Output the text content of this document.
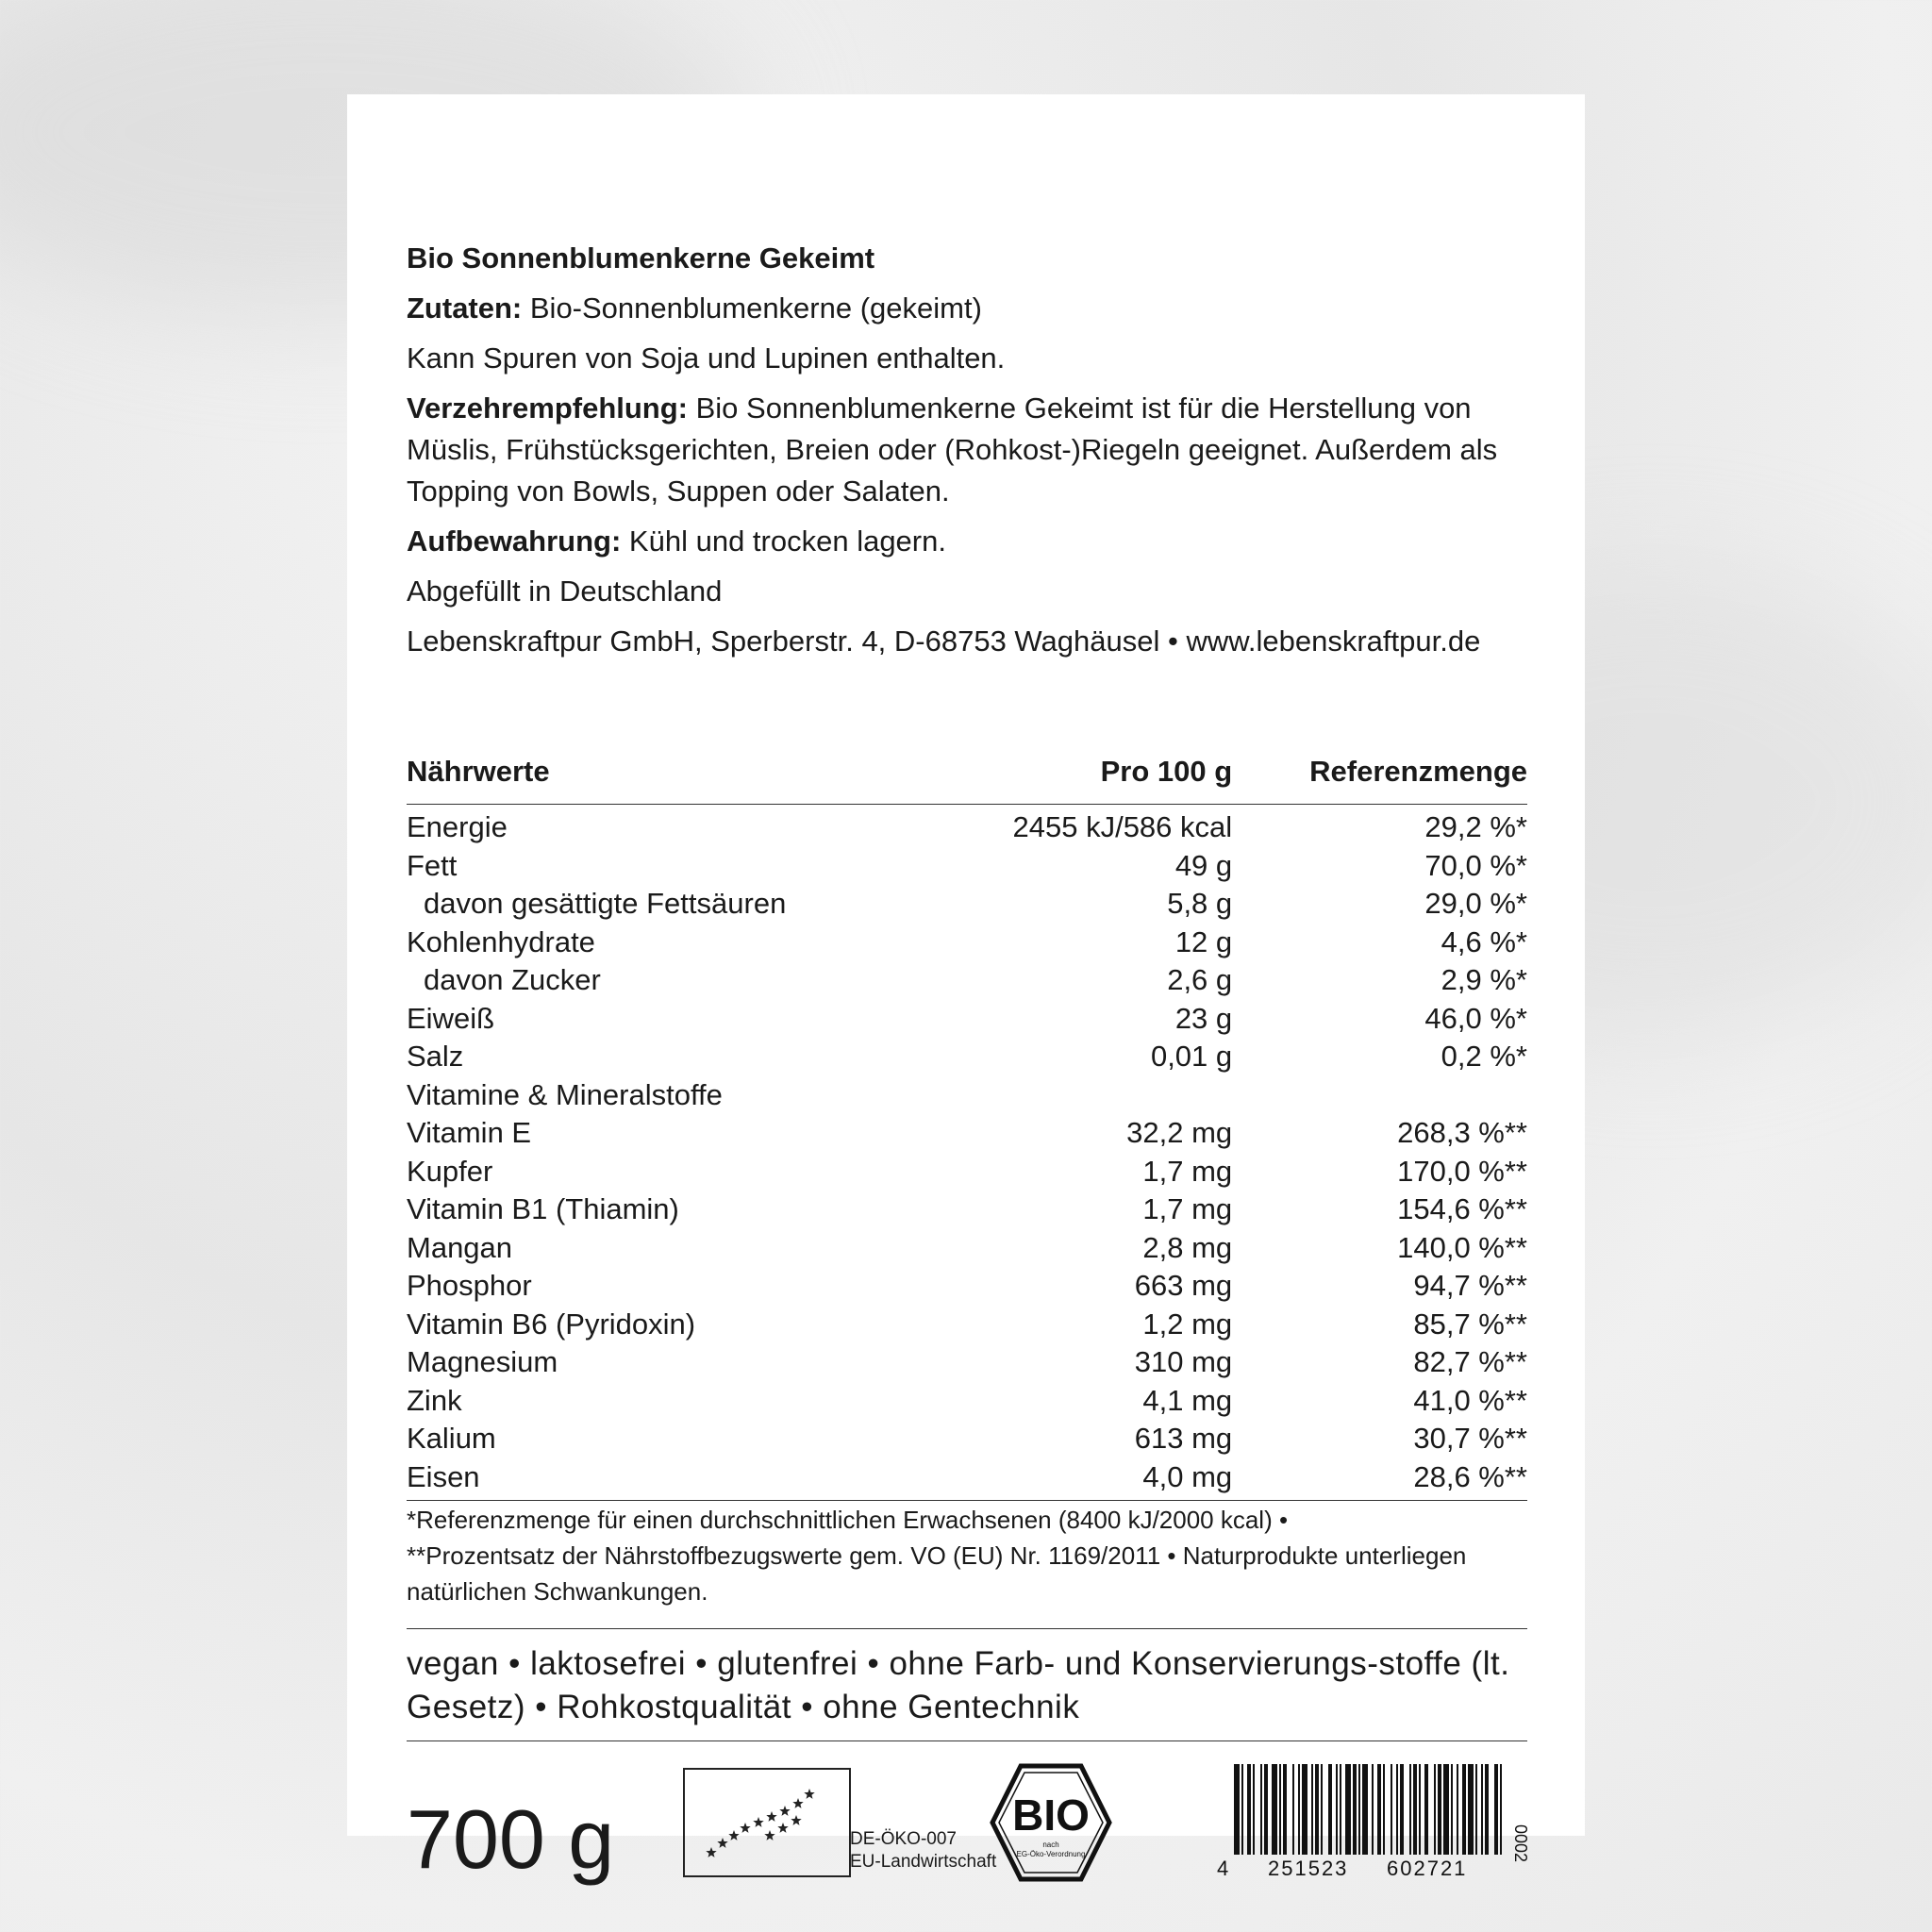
Bio Sonnenblumenkerne Gekeimt

Zutaten: Bio-Sonnenblumenkerne (gekeimt)

Kann Spuren von Soja und Lupinen enthalten.

Verzehrempfehlung: Bio Sonnenblumenkerne Gekeimt ist für die Herstellung von Müslis, Frühstücksgerichten, Breien oder (Rohkost-)Riegeln geeignet. Außerdem als Topping von Bowls, Suppen oder Salaten.

Aufbewahrung: Kühl und trocken lagern.

Abgefüllt in Deutschland

Lebenskraftpur GmbH, Sperberstr. 4, D-68753 Waghäusel • www.lebenskraftpur.de

Nährwerte	Pro 100 g	Referenzmenge
Energie	2455 kJ/586 kcal	29,2 %*
Fett	49 g	70,0 %*
davon gesättigte Fettsäuren	5,8 g	29,0 %*
Kohlenhydrate	12 g	4,6 %*
davon Zucker	2,6 g	2,9 %*
Eiweiß	23 g	46,0 %*
Salz	0,01 g	0,2 %*
Vitamine & Mineralstoffe		
Vitamin E	32,2 mg	268,3 %**
Kupfer	1,7 mg	170,0 %**
Vitamin B1 (Thiamin)	1,7 mg	154,6 %**
Mangan	2,8 mg	140,0 %**
Phosphor	663 mg	94,7 %**
Vitamin B6 (Pyridoxin)	1,2 mg	85,7 %**
Magnesium	310 mg	82,7 %**
Zink	4,1 mg	41,0 %**
Kalium	613 mg	30,7 %**
Eisen	4,0 mg	28,6 %**
*Referenzmenge für einen durchschnittlichen Erwachsenen (8400 kJ/2000 kcal) •
**Prozentsatz der Nährstoffbezugswerte gem. VO (EU) Nr. 1169/2011 • Naturprodukte unterliegen natürlichen Schwankungen.
vegan • laktosefrei • glutenfrei • ohne Farb- und Konservierungs-stoffe (lt. Gesetz) • Rohkostqualität • ohne Gentechnik
700 g	DE-ÖKO-007
EU-Landwirtschaft
BIO
nach
EG-Öko-Verordnung
4 251523 602721
0002
